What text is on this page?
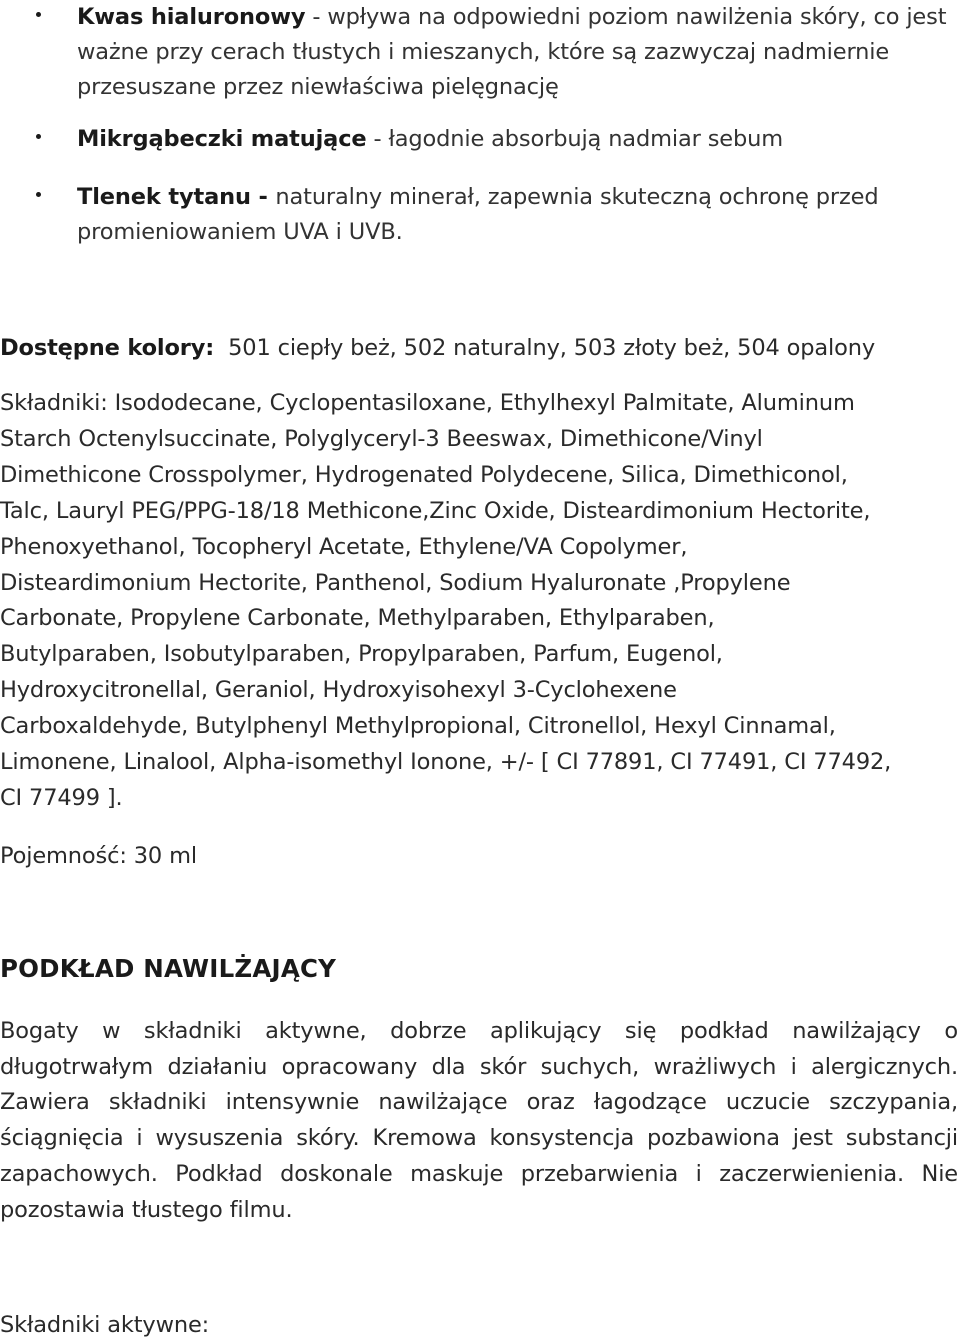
Kwas hialuronowy - wpływa na odpowiedni poziom nawilżenia skóry, co jest ważne przy cerach tłustych i mieszanych, które są zazwyczaj nadmiernie przesuszane przez niewłaściwa pielęgnację
Mikrgąbeczki matujące - łagodnie absorbują nadmiar sebum
Tlenek tytanu - naturalny minerał, zapewnia skuteczną ochronę przed promieniowaniem UVA i UVB.
Dostępne kolory:  501 ciepły beż, 502 naturalny, 503 złoty beż, 504 opalony
Składniki: Isododecane, Cyclopentasiloxane, Ethylhexyl Palmitate, Aluminum
Starch Octenylsuccinate, Polyglyceryl-3 Beeswax, Dimethicone/Vinyl
Dimethicone Crosspolymer, Hydrogenated Polydecene, Silica, Dimethiconol,
Talc, Lauryl PEG/PPG-18/18 Methicone,Zinc Oxide, Disteardimonium Hectorite,
Phenoxyethanol, Tocopheryl Acetate, Ethylene/VA Copolymer,
Disteardimonium Hectorite, Panthenol, Sodium Hyaluronate ,Propylene
Carbonate, Propylene Carbonate, Methylparaben, Ethylparaben,
Butylparaben, Isobutylparaben, Propylparaben, Parfum, Eugenol,
Hydroxycitronellal, Geraniol, Hydroxyisohexyl 3-Cyclohexene
Carboxaldehyde, Butylphenyl Methylpropional, Citronellol, Hexyl Cinnamal,
Limonene, Linalool, Alpha-isomethyl Ionone, +/- [ CI 77891, CI 77491, CI 77492,
CI 77499 ].
Pojemność: 30 ml
PODKŁAD NAWILŻAJĄCY
Bogaty w składniki aktywne, dobrze aplikujący się podkład nawilżający o długotrwałym działaniu opracowany dla skór suchych, wrażliwych i alergicznych. Zawiera składniki intensywnie nawilżające oraz łagodzące uczucie szczypania, ściągnięcia i wysuszenia skóry. Kremowa konsystencja pozbawiona jest substancji zapachowych. Podkład doskonale maskuje przebarwienia i zaczerwienienia. Nie pozostawia tłustego filmu.
Składniki aktywne:
